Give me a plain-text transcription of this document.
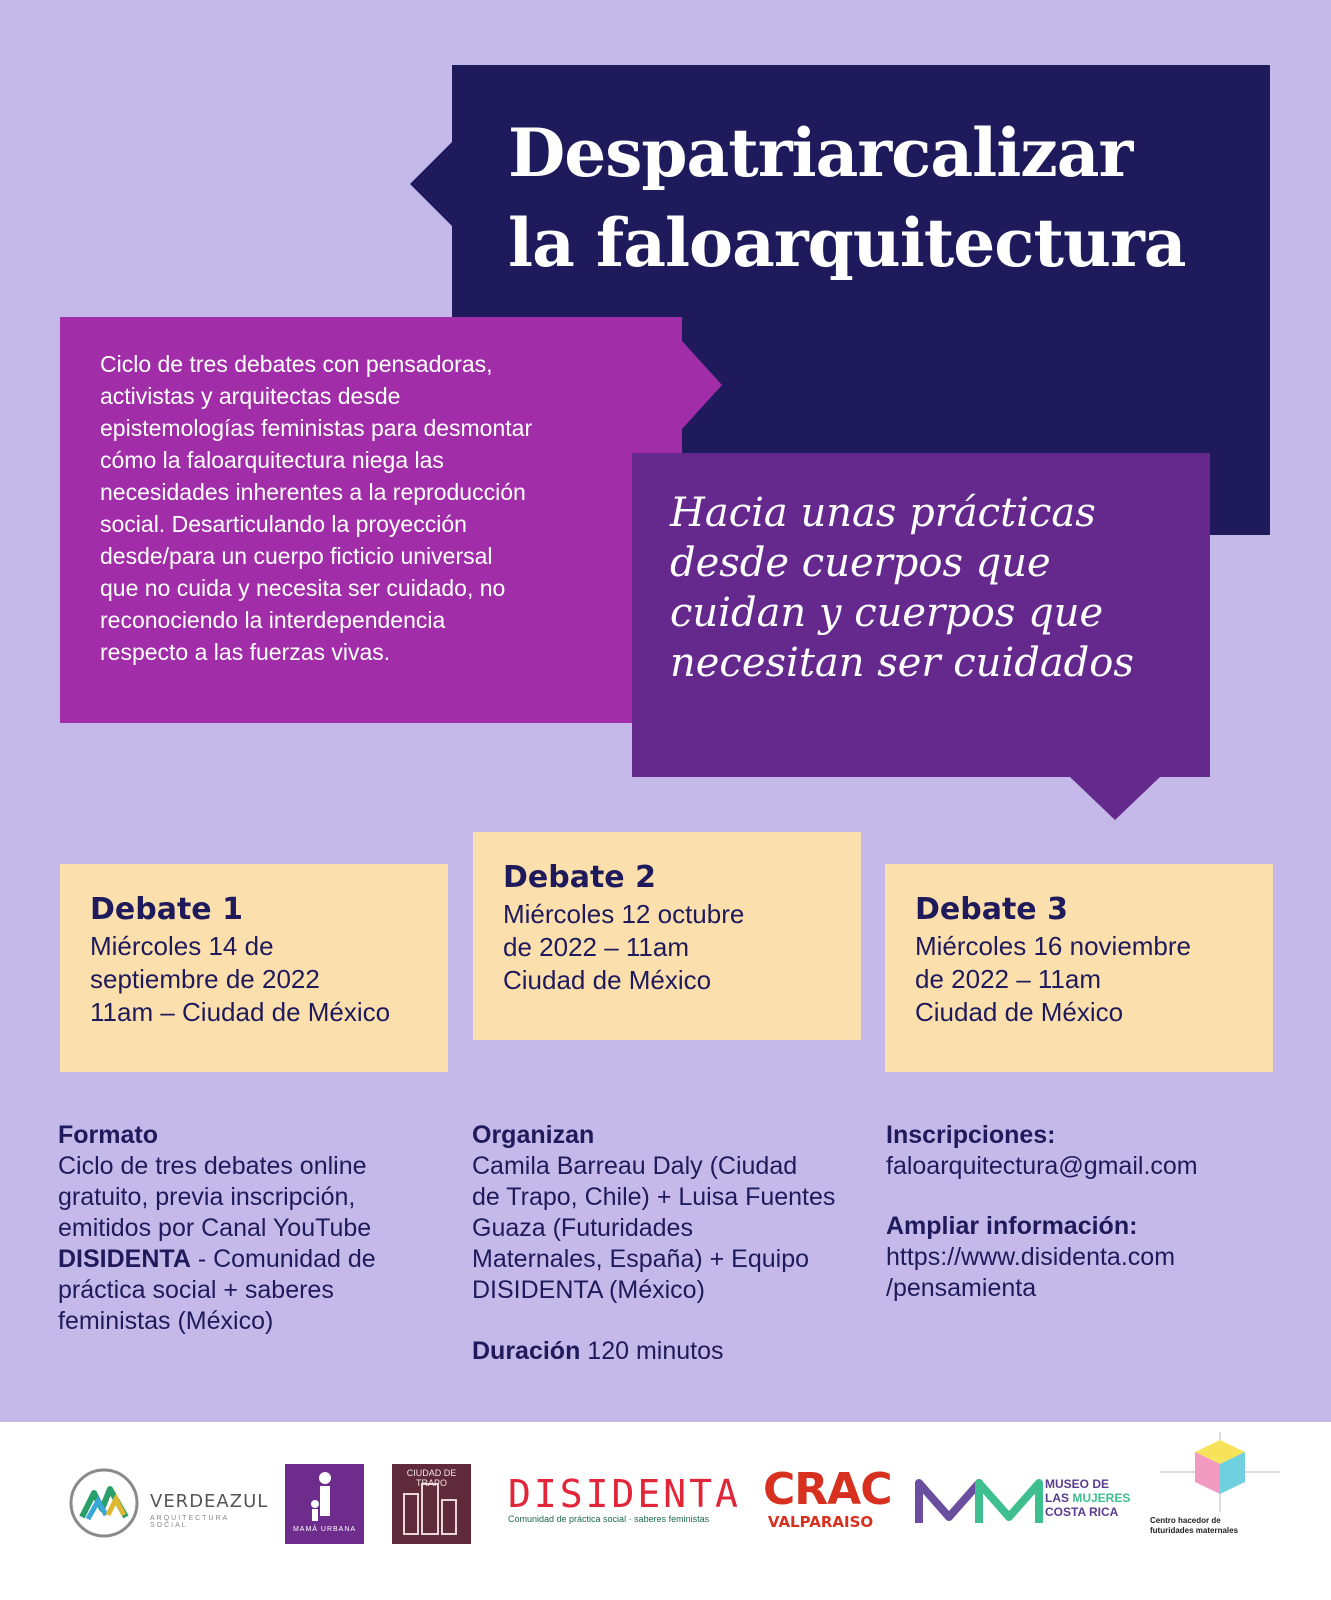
Despatriarcalizar
la faloarquitectura
Ciclo de tres debates con pensadoras,
activistas y arquitectas desde
epistemologías feministas para desmontar
cómo la faloarquitectura niega las
necesidades inherentes a la reproducción
social. Desarticulando la proyección
desde/para un cuerpo ficticio universal
que no cuida y necesita ser cuidado, no
reconociendo la interdependencia
respecto a las fuerzas vivas.
Hacia unas prácticas
desde cuerpos que
cuidan y cuerpos que
necesitan ser cuidados
Debate 1

Miércoles 14 de

septiembre de 2022

11am – Ciudad de México

Debate 2

Miércoles 12 octubre

de 2022 – 11am

Ciudad de México

Debate 3

Miércoles 16 noviembre

de 2022 – 11am

Ciudad de México

Formato
Ciclo de tres debates online
gratuito, previa inscripción,
emitidos por Canal YouTube
DISIDENTA - Comunidad de
práctica social + saberes
feministas (México)
Organizan
Camila Barreau Daly (Ciudad
de Trapo, Chile) + Luisa Fuentes
Guaza (Futuridades
Maternales, España) + Equipo
DISIDENTA (México)
Duración 120 minutos
Inscripciones:
faloarquitectura@gmail.com
Ampliar información:
https://www.disidenta.com
/pensamienta
VERDEAZUL
ARQUITECTURA SOCIAL
MAMÁ URBANA
CIUDAD DE TRAPO	DISIDENTA
Comunidad de práctica social · saberes feministas
CRAC
VALPARAISO
MUSEO DE
LAS MUJERES
COSTA RICA
Centro hacedor de
futuridades maternales
